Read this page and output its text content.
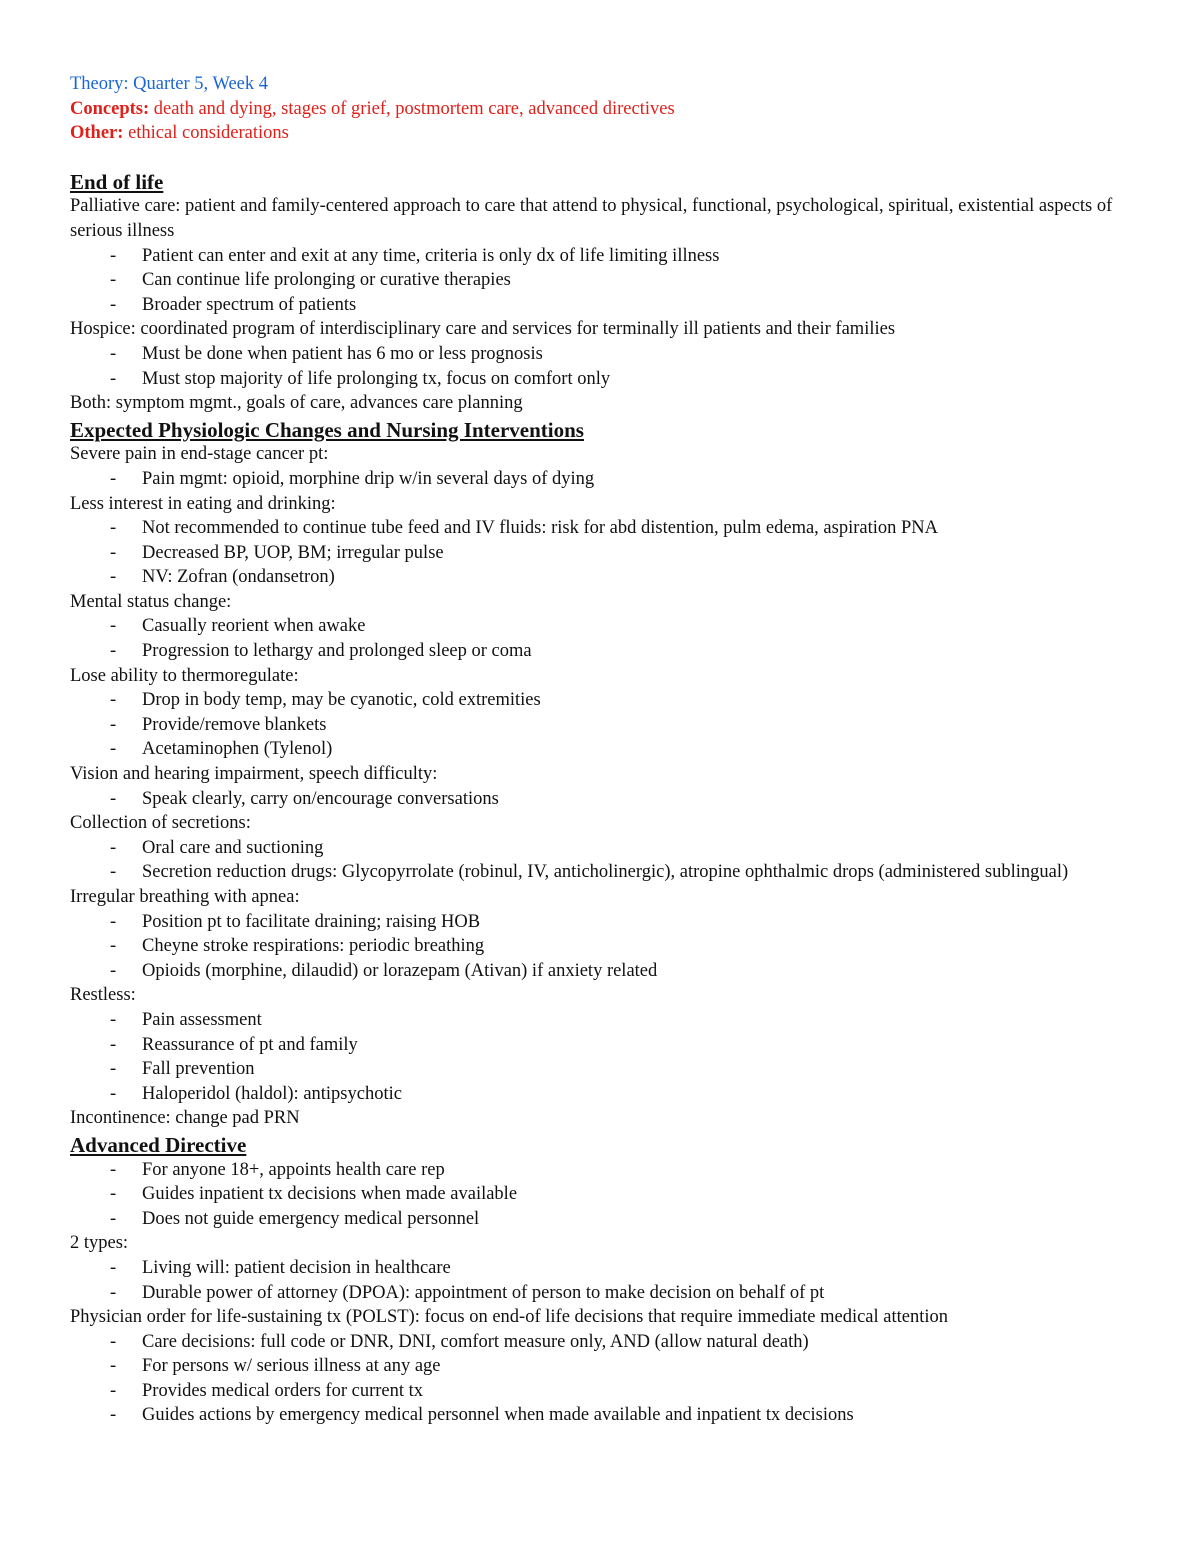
Theory: Quarter 5, Week 4
Concepts: death and dying, stages of grief, postmortem care, advanced directives
Other: ethical considerations
End of life
Palliative care: patient and family-centered approach to care that attend to physical, functional, psychological, spiritual, existential aspects of serious illness
- Patient can enter and exit at any time, criteria is only dx of life limiting illness
- Can continue life prolonging or curative therapies
- Broader spectrum of patients
Hospice: coordinated program of interdisciplinary care and services for terminally ill patients and their families
- Must be done when patient has 6 mo or less prognosis
- Must stop majority of life prolonging tx, focus on comfort only
Both: symptom mgmt., goals of care, advances care planning
Expected Physiologic Changes and Nursing Interventions
Severe pain in end-stage cancer pt:
- Pain mgmt: opioid, morphine drip w/in several days of dying
Less interest in eating and drinking:
- Not recommended to continue tube feed and IV fluids: risk for abd distention, pulm edema, aspiration PNA
- Decreased BP, UOP, BM; irregular pulse
- NV: Zofran (ondansetron)
Mental status change:
- Casually reorient when awake
- Progression to lethargy and prolonged sleep or coma
Lose ability to thermoregulate:
- Drop in body temp, may be cyanotic, cold extremities
- Provide/remove blankets
- Acetaminophen (Tylenol)
Vision and hearing impairment, speech difficulty:
- Speak clearly, carry on/encourage conversations
Collection of secretions:
- Oral care and suctioning
- Secretion reduction drugs: Glycopyrrolate (robinul, IV, anticholinergic), atropine ophthalmic drops (administered sublingual)
Irregular breathing with apnea:
- Position pt to facilitate draining; raising HOB
- Cheyne stroke respirations: periodic breathing
- Opioids (morphine, dilaudid) or lorazepam (Ativan) if anxiety related
Restless:
- Pain assessment
- Reassurance of pt and family
- Fall prevention
- Haloperidol (haldol): antipsychotic
Incontinence: change pad PRN
Advanced Directive
- For anyone 18+, appoints health care rep
- Guides inpatient tx decisions when made available
- Does not guide emergency medical personnel
2 types:
- Living will: patient decision in healthcare
- Durable power of attorney (DPOA): appointment of person to make decision on behalf of pt
Physician order for life-sustaining tx (POLST): focus on end-of life decisions that require immediate medical attention
- Care decisions: full code or DNR, DNI, comfort measure only, AND (allow natural death)
- For persons w/ serious illness at any age
- Provides medical orders for current tx
- Guides actions by emergency medical personnel when made available and inpatient tx decisions
